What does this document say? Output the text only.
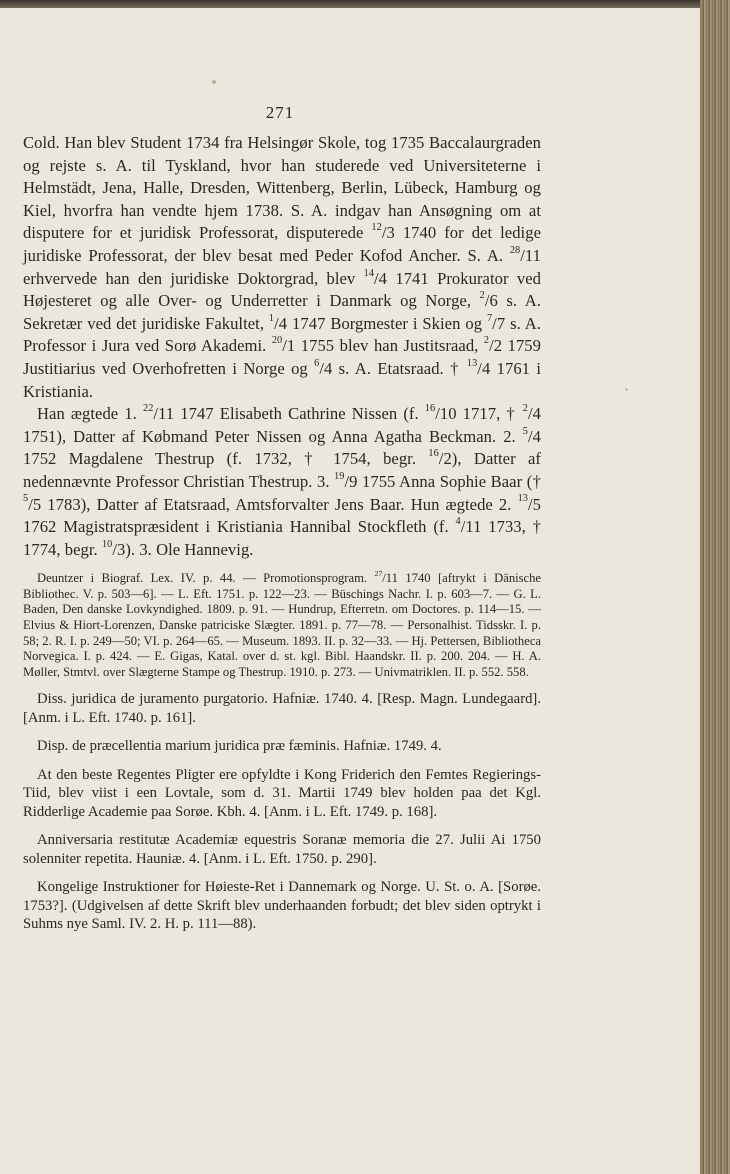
271

Cold. Han blev Student 1734 fra Helsingør Skole, tog 1735 Baccalaurgraden og rejste s. A. til Tyskland, hvor han studerede ved Universiteterne i Helmstädt, Jena, Halle, Dresden, Wittenberg, Berlin, Lübeck, Hamburg og Kiel, hvorfra han vendte hjem 1738. S. A. indgav han Ansøgning om at disputere for et juridisk Professorat, disputerede $^{12}$/3 1740 for det ledige juridiske Professorat, der blev besat med Peder Kofod Ancher. S. A. $^{28}$/11 erhvervede han den juridiske Doktorgrad, blev $^{14}$/4 1741 Prokurator ved Højesteret og alle Over- og Underretter i Danmark og Norge, $^2$/6 s. A. Sekretær ved det juridiske Fakultet, $^1$/4 1747 Borgmester i Skien og $^7$/7 s. A. Professor i Jura ved Sorø Akademi. $^{20}$/1 1755 blev han Justitsraad, $^2$/2 1759 Justitiarius ved Overhofretten i Norge og $^6$/4 s. A. Etatsraad. † $^{13}$/4 1761 i Kristiania.

Han ægtede 1. $^{22}$/11 1747 Elisabeth Cathrine Nissen (f. $^{16}$/10 1717, † $^2$/4 1751), Datter af Købmand Peter Nissen og Anna Agatha Beckman. 2. $^5$/4 1752 Magdalene Thestrup (f. 1732, † 1754, begr. $^{16}$/2), Datter af nedennævnte Professor Christian Thestrup. 3. $^{19}$/9 1755 Anna Sophie Baar († $^5$/5 1783), Datter af Etatsraad, Amtsforvalter Jens Baar. Hun ægtede 2. $^{13}$/5 1762 Magistratspræsident i Kristiania Hannibal Stockfleth (f. $^4$/11 1733, † 1774, begr. $^{10}$/3). 3. Ole Hannevig.

Deuntzer i Biograf. Lex. IV. p. 44. — Promotionsprogram. $^{27}$/11 1740 [aftrykt i Dänische Bibliothec. V. p. 503—6]. — L. Eft. 1751. p. 122—23. — Büschings Nachr. I. p. 603—7. — G. L. Baden, Den danske Lovkyndighed. 1809. p. 91. — Hundrup, Efterretn. om Doctores. p. 114—15. — Elvius & Hiort-Lorenzen, Danske patriciske Slægter. 1891. p. 77—78. — Personalhist. Tidsskr. I. p. 58; 2. R. I. p. 249—50; VI. p. 264—65. — Museum. 1893. II. p. 32—33. — Hj. Pettersen, Bibliotheca Norvegica. I. p. 424. — E. Gigas, Katal. over d. st. kgl. Bibl. Haandskr. II. p. 200. 204. — H. A. Møller, Stmtvl. over Slægterne Stampe og Thestrup. 1910. p. 273. — Univmatriklen. II. p. 552. 558.

Diss. juridica de juramento purgatorio. Hafniæ. 1740. 4. [Resp. Magn. Lundegaard]. [Anm. i L. Eft. 1740. p. 161].

Disp. de præcellentia marium juridica præ fæminis. Hafniæ. 1749. 4.

At den beste Regentes Pligter ere opfyldte i Kong Friderich den Femtes Regierings-Tiid, blev viist i een Lovtale, som d. 31. Martii 1749 blev holden paa det Kgl. Ridderlige Academie paa Sorøe. Kbh. 4. [Anm. i L. Eft. 1749. p. 168].

Anniversaria restitutæ Academiæ equestris Soranæ memoria die 27. Julii Ai 1750 solenniter repetita. Hauniæ. 4. [Anm. i L. Eft. 1750. p. 290].

Kongelige Instruktioner for Høieste-Ret i Dannemark og Norge. U. St. o. A. [Sorøe. 1753?]. (Udgivelsen af dette Skrift blev underhaanden forbudt; det blev siden optrykt i Suhms nye Saml. IV. 2. H. p. 111—88).
